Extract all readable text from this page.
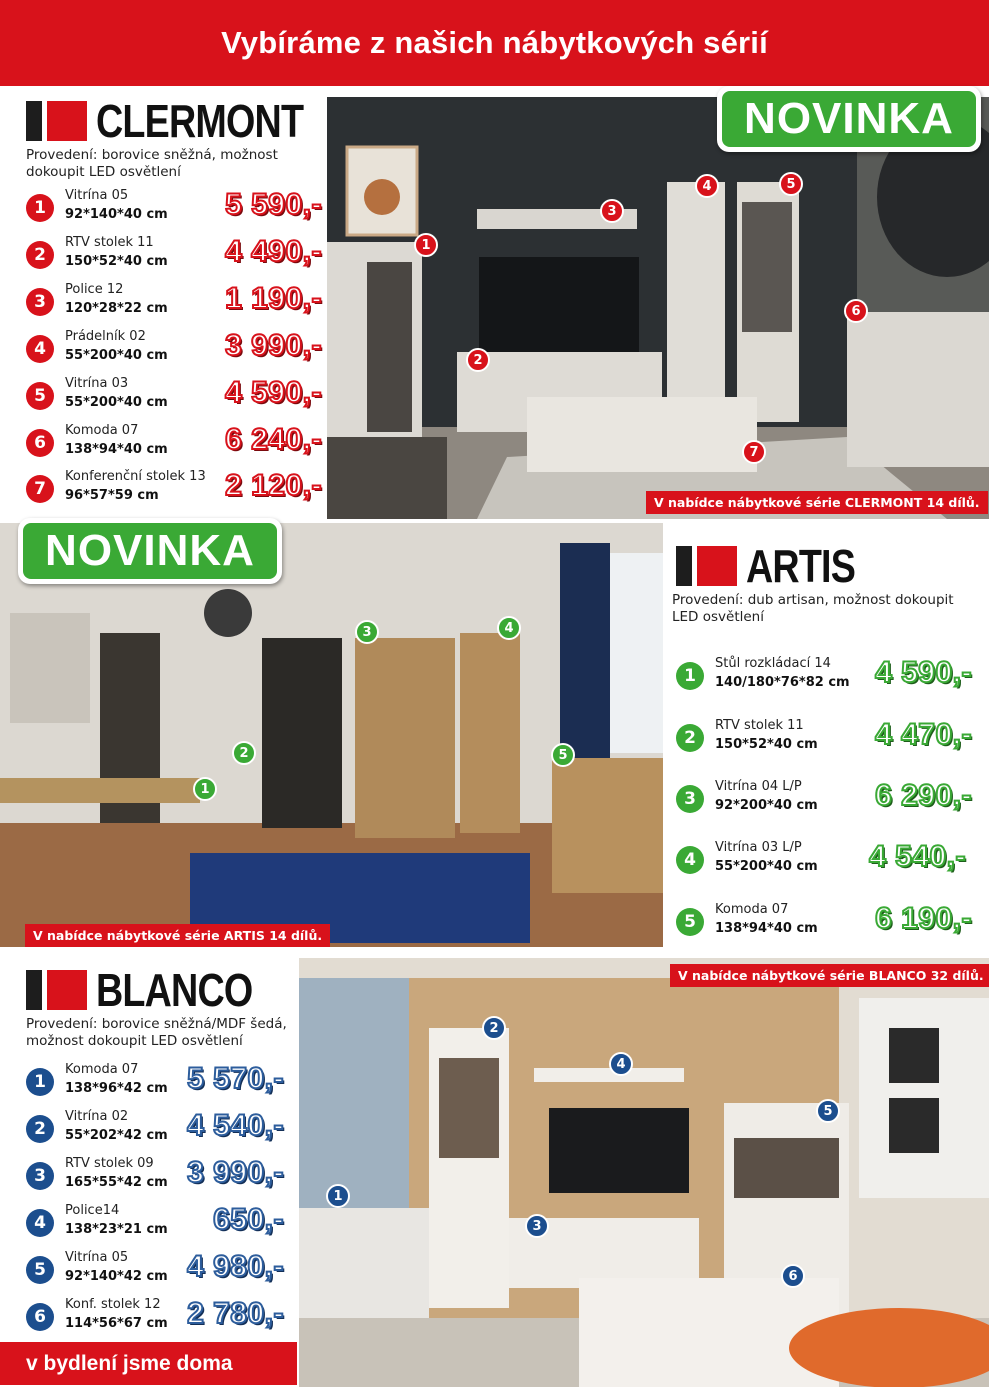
Vybíráme z našich nábytkových sérií
CLERMONT
Provedení: borovice sněžná, možnost dokoupit LED osvětlení
1
Vitrína 05
92*140*40 cm 5 590,-
2
RTV stolek 11
150*52*40 cm 4 490,-
3
Police 12
120*28*22 cm 1 190,-
4
Prádelník 02
55*200*40 cm 3 990,-
5
Vitrína 03
55*200*40 cm 4 590,-
6
Komoda 07
138*94*40 cm 6 240,-
7
Konferenční stolek 13
96*57*59 cm 2 120,-
1
2
3
4	5
6
7
V nabídce nábytkové série CLERMONT 14 dílů.
NOVINKA
1
2
3	4
5
V nabídce nábytkové série ARTIS 14 dílů.
NOVINKA	ARTIS
Provedení: dub artisan, možnost dokoupit LED osvětlení
1
Stůl rozkládací 14
140/180*76*82 cm 4 590,-
2
RTV stolek 11
150*52*40 cm 4 470,-
3
Vitrína 04 L/P
92*200*40 cm 6 290,-
4
Vitrína 03 L/P
55*200*40 cm 4 540,-
5
Komoda 07
138*94*40 cm 6 190,-
BLANCO
Provedení: borovice sněžná/MDF šedá, možnost dokoupit LED osvětlení
1
Komoda 07
138*96*42 cm 5 570,-
2
Vitrína 02
55*202*42 cm 4 540,-
3
RTV stolek 09
165*55*42 cm 3 990,-
4
Police14
138*23*21 cm 650,-
5
Vitrína 05
92*140*42 cm 4 980,-
6
Konf. stolek 12
114*56*67 cm 2 780,-
1
2
3
4
5
6
V nabídce nábytkové série BLANCO 32 dílů.
v bydlení jsme doma
